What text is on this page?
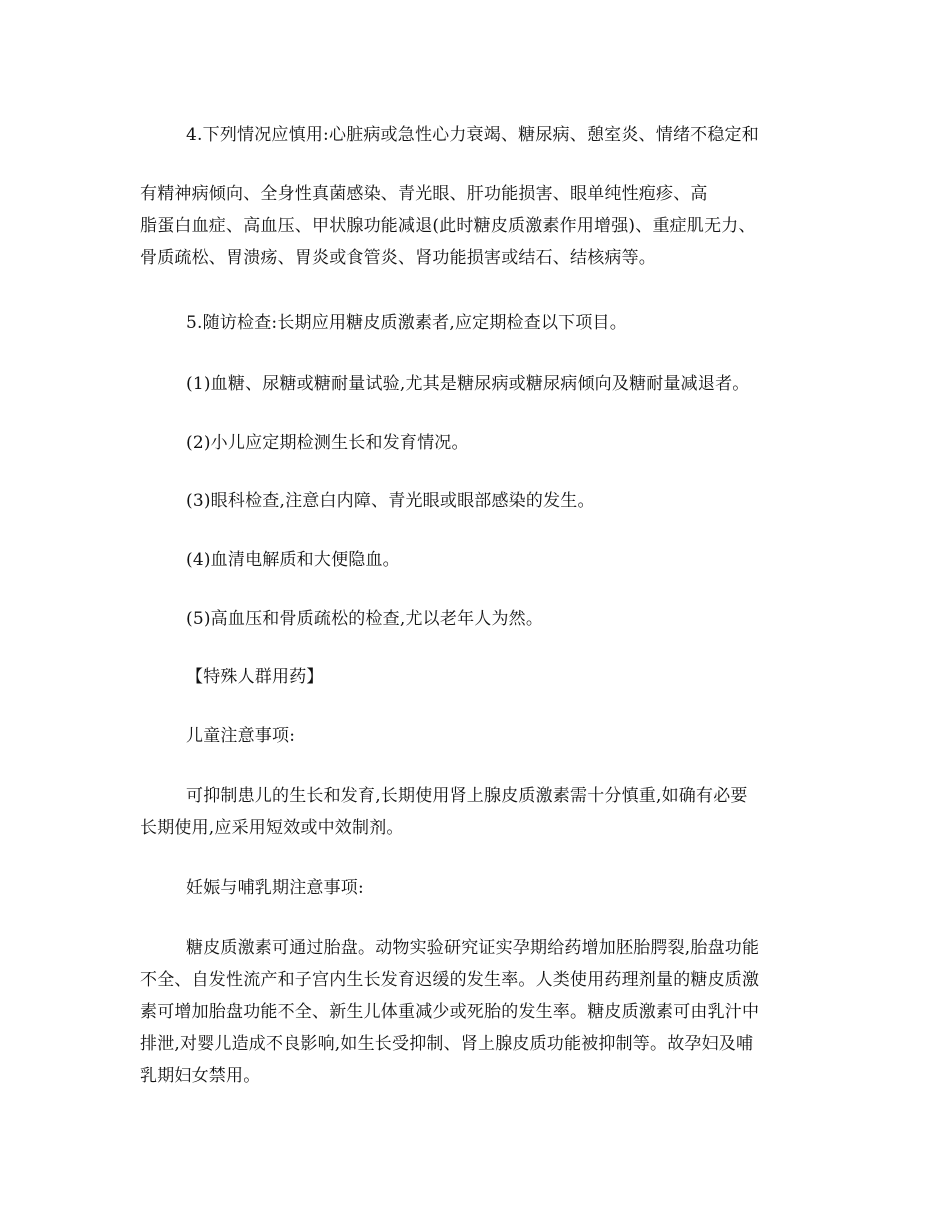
4.下列情况应慎用:心脏病或急性心力衰竭、糖尿病、憩室炎、情绪不稳定和
有精神病倾向、全身性真菌感染、青光眼、肝功能损害、眼单纯性疱疹、高
脂蛋白血症、高血压、甲状腺功能减退(此时糖皮质激素作用增强)、重症肌无力、
骨质疏松、胃溃疡、胃炎或食管炎、肾功能损害或结石、结核病等。
5.随访检查:长期应用糖皮质激素者,应定期检查以下项目。
(1)血糖、尿糖或糖耐量试验,尤其是糖尿病或糖尿病倾向及糖耐量减退者。
(2)小儿应定期检测生长和发育情况。
(3)眼科检查,注意白内障、青光眼或眼部感染的发生。
(4)血清电解质和大便隐血。
(5)高血压和骨质疏松的检查,尤以老年人为然。
【特殊人群用药】
儿童注意事项:
可抑制患儿的生长和发育,长期使用肾上腺皮质激素需十分慎重,如确有必要
长期使用,应采用短效或中效制剂。
妊娠与哺乳期注意事项:
糖皮质激素可通过胎盘。动物实验研究证实孕期给药增加胚胎腭裂,胎盘功能
不全、自发性流产和子宫内生长发育迟缓的发生率。人类使用药理剂量的糖皮质激
素可增加胎盘功能不全、新生儿体重减少或死胎的发生率。糖皮质激素可由乳汁中
排泄,对婴儿造成不良影响,如生长受抑制、肾上腺皮质功能被抑制等。故孕妇及哺
乳期妇女禁用。
